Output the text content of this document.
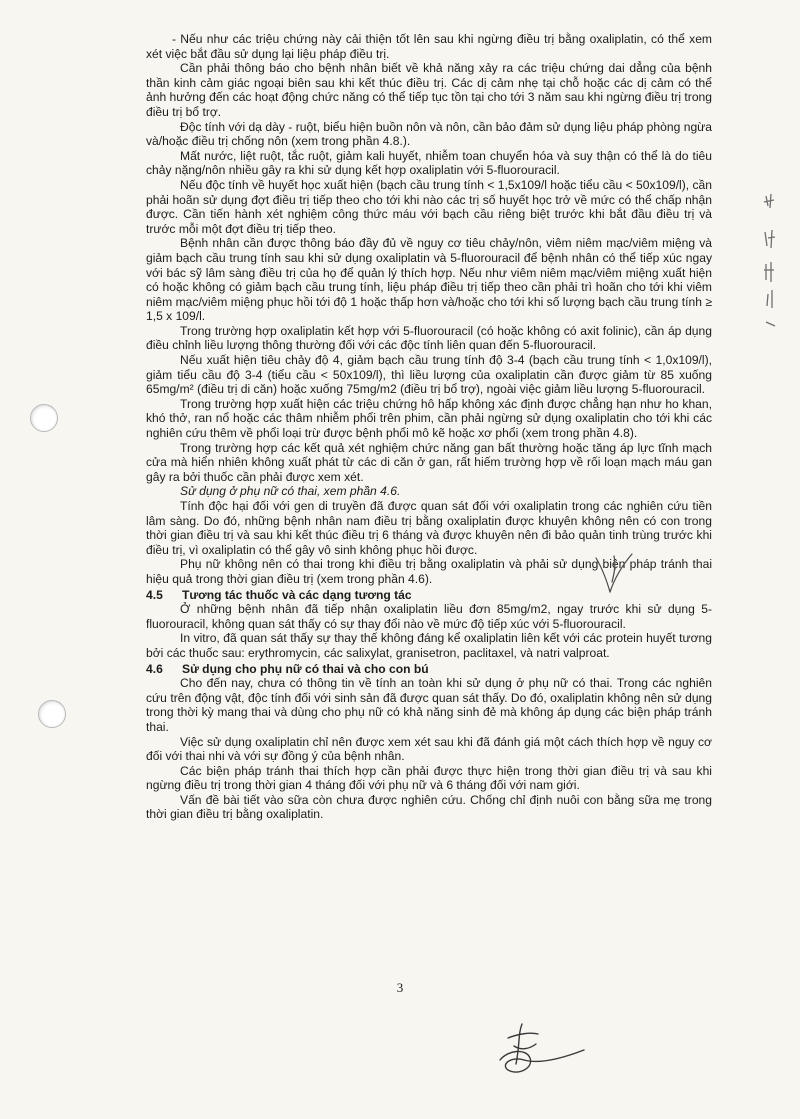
- Nếu như các triệu chứng này cải thiện tốt lên sau khi ngừng điều trị bằng oxaliplatin, có thể xem xét việc bắt đầu sử dụng lại liệu pháp điều trị.

Cần phải thông báo cho bệnh nhân biết về khả năng xảy ra các triệu chứng dai dẳng của bệnh thần kinh cảm giác ngoại biên sau khi kết thúc điều trị. Các dị cảm nhẹ tại chỗ hoặc các dị cảm có thể ảnh hưởng đến các hoạt động chức năng có thể tiếp tục tồn tại cho tới 3 năm sau khi ngừng điều trị trong điều trị bổ trợ.

Độc tính với dạ dày - ruột, biểu hiện buồn nôn và nôn, cần bảo đảm sử dụng liệu pháp phòng ngừa và/hoặc điều trị chống nôn (xem trong phần 4.8.).

Mất nước, liệt ruột, tắc ruột, giảm kali huyết, nhiễm toan chuyển hóa và suy thận có thể là do tiêu chảy nặng/nôn nhiều gây ra khi sử dụng kết hợp oxaliplatin với 5-fluorouracil.

Nếu độc tính về huyết học xuất hiện (bạch cầu trung tính < 1,5x109/l hoặc tiểu cầu < 50x109/l), cần phải hoãn sử dụng đợt điều trị tiếp theo cho tới khi nào các trị số huyết học trở về mức có thể chấp nhận được. Cần tiến hành xét nghiệm công thức máu với bạch cầu riêng biệt trước khi bắt đầu điều trị và trước mỗi một đợt điều trị tiếp theo.

Bệnh nhân cần được thông báo đầy đủ về nguy cơ tiêu chảy/nôn, viêm niêm mạc/viêm miệng và giảm bạch cầu trung tính sau khi sử dụng oxaliplatin và 5-fluorouracil để bệnh nhân có thể tiếp xúc ngay với bác sỹ lâm sàng điều trị của họ để quản lý thích hợp. Nếu như viêm niêm mạc/viêm miệng xuất hiện có hoặc không có giảm bạch cầu trung tính, liệu pháp điều trị tiếp theo cần phải trì hoãn cho tới khi viêm niêm mạc/viêm miệng phục hồi tới độ 1 hoặc thấp hơn và/hoặc cho tới khi số lượng bạch cầu trung tính ≥ 1,5 x 109/l.

Trong trường hợp oxaliplatin kết hợp với 5-fluorouracil (có hoặc không có axit folinic), cần áp dụng điều chỉnh liều lượng thông thường đối với các độc tính liên quan đến 5-fluorouracil.

Nếu xuất hiện tiêu chảy độ 4, giảm bạch cầu trung tính độ 3-4 (bạch cầu trung tính < 1,0x109/l), giảm tiểu cầu độ 3-4 (tiểu cầu < 50x109/l), thì liều lượng của oxaliplatin cần được giảm từ 85 xuống 65mg/m² (điều trị di căn) hoặc xuống 75mg/m2 (điều trị bổ trợ), ngoài việc giảm liều lượng 5-fluorouracil.

Trong trường hợp xuất hiện các triệu chứng hô hấp không xác định được chẳng hạn như ho khan, khó thở, ran nổ hoặc các thâm nhiễm phổi trên phim, cần phải ngừng sử dụng oxaliplatin cho tới khi các nghiên cứu thêm về phổi loại trừ được bệnh phổi mô kẽ hoặc xơ phổi (xem trong phần 4.8).

Trong trường hợp các kết quả xét nghiệm chức năng gan bất thường hoặc tăng áp lực tĩnh mạch cửa mà hiển nhiên không xuất phát từ các di căn ở gan, rất hiếm trường hợp về rối loạn mạch máu gan gây ra bởi thuốc cần phải được xem xét.

Sử dụng ở phụ nữ có thai, xem phần 4.6.

Tính độc hại đối với gen di truyền đã được quan sát đối với oxaliplatin trong các nghiên cứu tiền lâm sàng. Do đó, những bệnh nhân nam điều trị bằng oxaliplatin được khuyên không nên có con trong thời gian điều trị và sau khi kết thúc điều trị 6 tháng và được khuyên nên đi bảo quản tinh trùng trước khi điều trị, vì oxaliplatin có thể gây vô sinh không phục hồi được.

Phụ nữ không nên có thai trong khi điều trị bằng oxaliplatin và phải sử dụng biện pháp tránh thai hiệu quả trong thời gian điều trị (xem trong phần 4.6).

4.5	Tương tác thuốc và các dạng tương tác

Ở những bệnh nhân đã tiếp nhận oxaliplatin liều đơn 85mg/m2, ngay trước khi sử dụng 5-fluorouracil, không quan sát thấy có sự thay đổi nào về mức độ tiếp xúc với 5-fluorouracil.

In vitro, đã quan sát thấy sự thay thế không đáng kể oxaliplatin liên kết với các protein huyết tương bởi các thuốc sau: erythromycin, các salixylat, granisetron, paclitaxel, và natri valproat.

4.6	Sử dụng cho phụ nữ có thai và cho con bú

Cho đến nay, chưa có thông tin về tính an toàn khi sử dụng ở phụ nữ có thai. Trong các nghiên cứu trên động vật, độc tính đối với sinh sản đã được quan sát thấy. Do đó, oxaliplatin không nên sử dụng trong thời kỳ mang thai và dùng cho phụ nữ có khả năng sinh đẻ mà không áp dụng các biện pháp tránh thai.

Việc sử dụng oxaliplatin chỉ nên được xem xét sau khi đã đánh giá một cách thích hợp về nguy cơ đối với thai nhi và với sự đồng ý của bệnh nhân.

Các biện pháp tránh thai thích hợp cần phải được thực hiện trong thời gian điều trị và sau khi ngừng điều trị trong thời gian 4 tháng đối với phụ nữ và 6 tháng đối với nam giới.

Vấn đề bài tiết vào sữa còn chưa được nghiên cứu. Chống chỉ định nuôi con bằng sữa mẹ trong thời gian điều trị bằng oxaliplatin.

3
